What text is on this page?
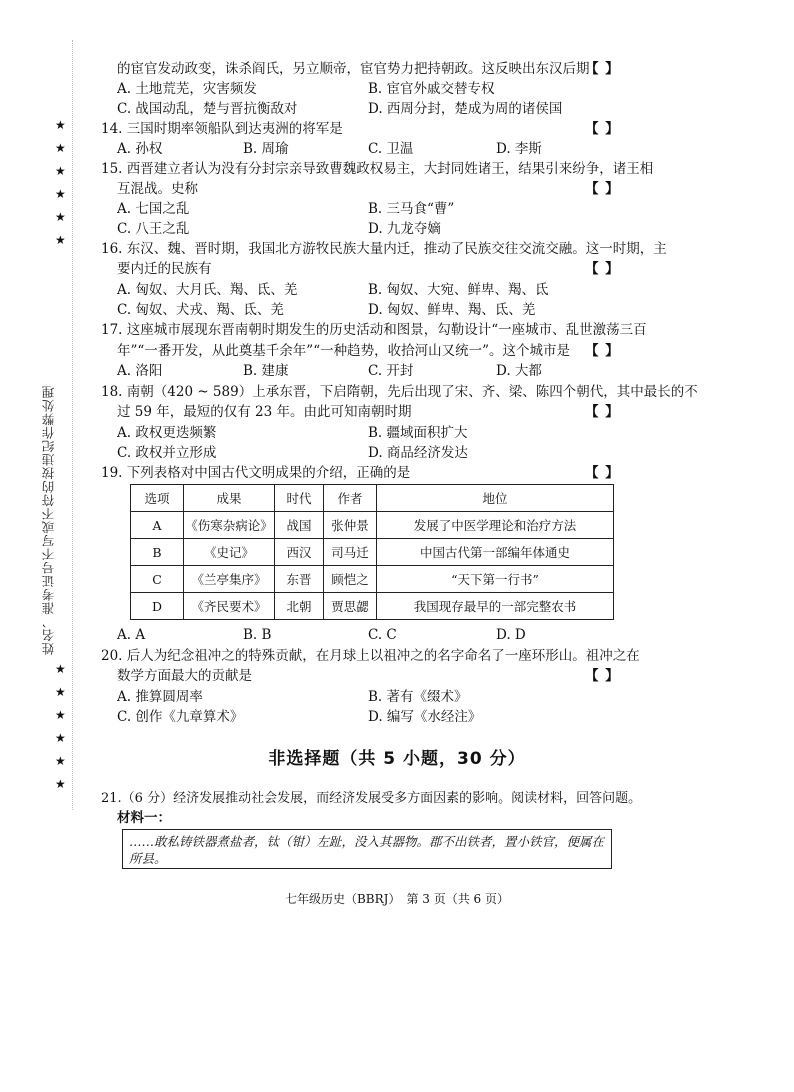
姓名、准考证号不写或不符的按违纪作弊处理
★
★
★
★
★
★
★
★
★
★
★
★
的宦官发动政变，诛杀阎氏，另立顺帝，宦官势力把持朝政。这反映出东汉后期
【 】
A. 土地荒芜，灾害频发	B. 宦官外戚交替专权
C. 战国动乱，楚与晋抗衡敌对	D. 西周分封，楚成为周的诸侯国
14. 三国时期率领船队到达夷洲的将军是	【 】
A. 孙权	B. 周瑜	C. 卫温	D. 李斯
15. 西晋建立者认为没有分封宗亲导致曹魏政权易主，大封同姓诸王，结果引来纷争，诸王相
互混战。史称	【 】
A. 七国之乱	B. 三马食“曹”
C. 八王之乱	D. 九龙夺嫡
16. 东汉、魏、晋时期，我国北方游牧民族大量内迁，推动了民族交往交流交融。这一时期，主
要内迁的民族有	【 】
A. 匈奴、大月氏、羯、氐、羌	B. 匈奴、大宛、鲜卑、羯、氐
C. 匈奴、犬戎、羯、氐、羌	D. 匈奴、鲜卑、羯、氐、羌
17. 这座城市展现东晋南朝时期发生的历史活动和图景，勾勒设计“一座城市、乱世激荡三百
年”“一番开发，从此奠基千余年”“一种趋势，收拾河山又统一”。这个城市是 【 】
A. 洛阳	B. 建康	C. 开封	D. 大都
18. 南朝（420 ~ 589）上承东晋，下启隋朝，先后出现了宋、齐、梁、陈四个朝代，其中最长的不
过 59 年，最短的仅有 23 年。由此可知南朝时期	【 】
A. 政权更迭频繁	B. 疆域面积扩大
C. 政权并立形成	D. 商品经济发达
19. 下列表格对中国古代文明成果的介绍，正确的是	【 】
选项	成果	时代	作者	地位
A	《伤寒杂病论》	战国	张仲景	发展了中医学理论和治疗方法
B	《史记》	西汉	司马迁	中国古代第一部编年体通史
C	《兰亭集序》	东晋	顾恺之	“天下第一行书”
D	《齐民要术》	北朝	贾思勰	我国现存最早的一部完整农书
A. A	B. B	C. C	D. D
20. 后人为纪念祖冲之的特殊贡献，在月球上以祖冲之的名字命名了一座环形山。祖冲之在
数学方面最大的贡献是	【 】
A. 推算圆周率	B. 著有《缀术》
C. 创作《九章算术》	D. 编写《水经注》
非选择题（共 5 小题，30 分）
21.（6 分）经济发展推动社会发展，而经济发展受多方面因素的影响。阅读材料，回答问题。
材料一：
……敢私铸铁器煮盐者，钛（钳）左趾，没入其器物。郡不出铁者，置小铁官，便属在所县。
七年级历史（BBRJ）　第 3 页（共 6 页）
